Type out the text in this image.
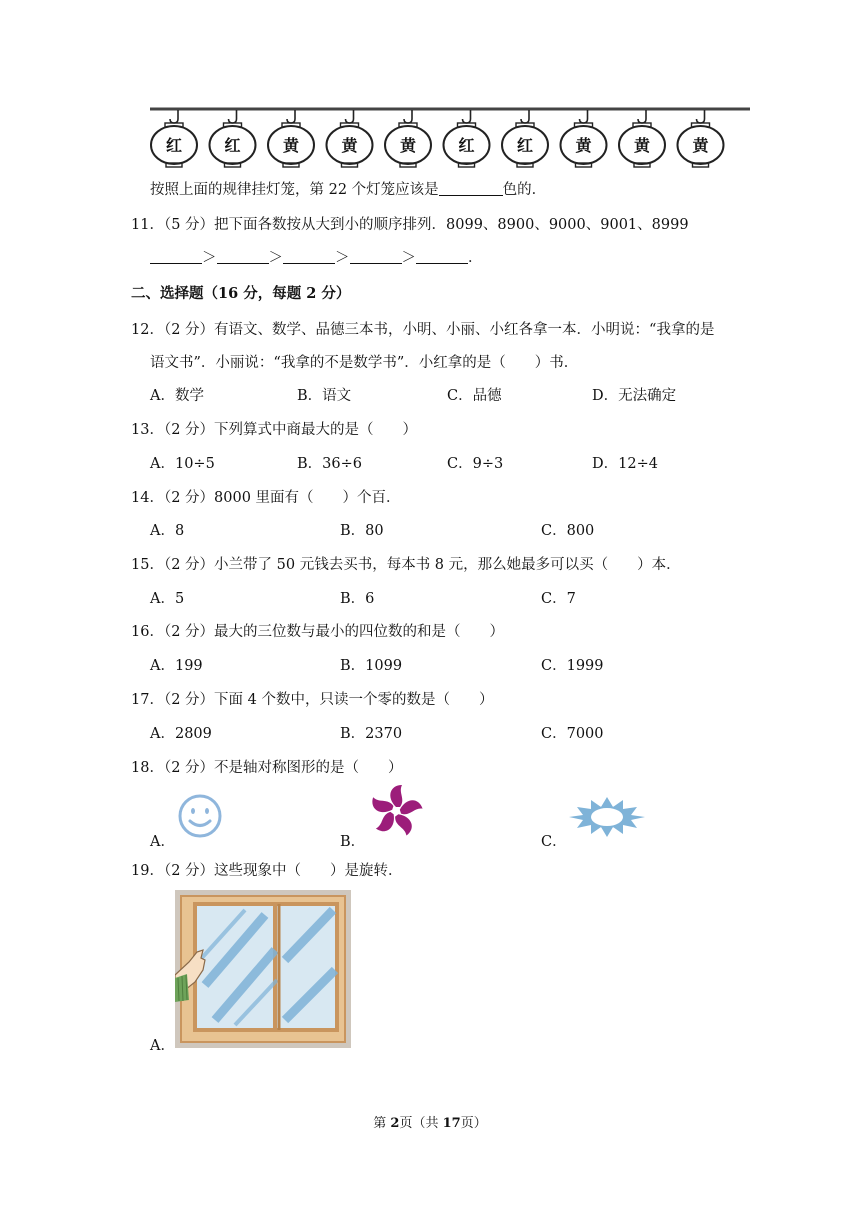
红	红	黄	黄	黄	红	红	黄	黄	黄
按照上面的规律挂灯笼，第 22 个灯笼应该是	色的．
11．（5 分）把下面各数按从大到小的顺序排列．8099、8900、9000、9001、8999
＞	＞	＞	＞	．
二、选择题（16 分，每题 2 分）
12．（2 分）有语文、数学、品德三本书，小明、小丽、小红各拿一本．小明说：“我拿的是
语文书”．小丽说：“我拿的不是数学书”．小红拿的是（　　）书．
A．数学	B．语文	C．品德	D．无法确定
13．（2 分）下列算式中商最大的是（　　）
A．10÷5	B．36÷6	C．9÷3	D．12÷4
14．（2 分）8000 里面有（　　）个百．
A．8	B．80	C．800
15．（2 分）小兰带了 50 元钱去买书，每本书 8 元，那么她最多可以买（　　）本．
A．5	B．6	C．7
16．（2 分）最大的三位数与最小的四位数的和是（　　）
A．199	B．1099	C．1999
17．（2 分）下面 4 个数中，只读一个零的数是（　　）
A．2809	B．2370	C．7000
18．（2 分）不是轴对称图形的是（　　）
A．	B．	C．
19．（2 分）这些现象中（　　）是旋转．
A．
第 2页（共 17页）
